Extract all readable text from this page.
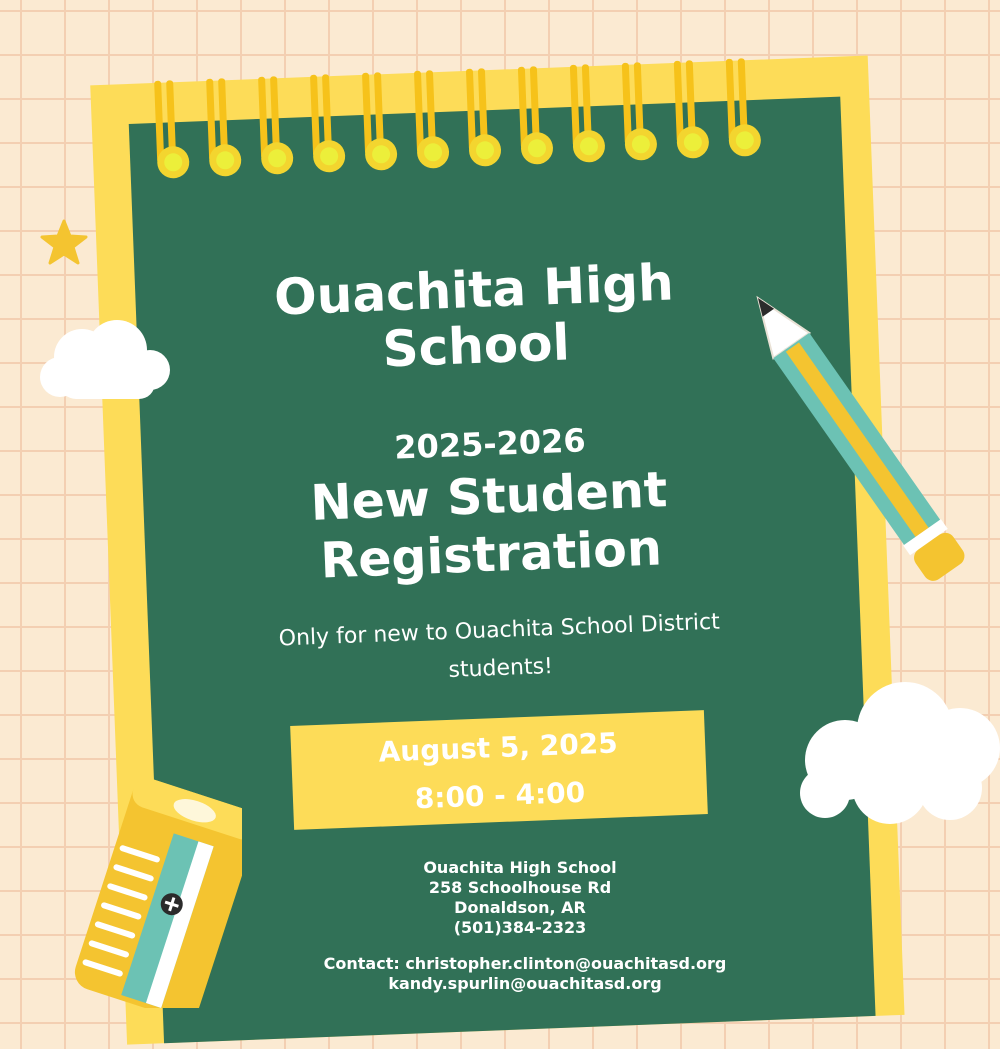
Ouachita High
School
2025-2026
New Student
Registration
Only for new to Ouachita School District
students!
August 5, 2025
8:00 - 4:00
Ouachita High School
258 Schoolhouse Rd
Donaldson, AR
(501)384-2323
Contact: christopher.clinton@ouachitasd.org
kandy.spurlin@ouachitasd.org
